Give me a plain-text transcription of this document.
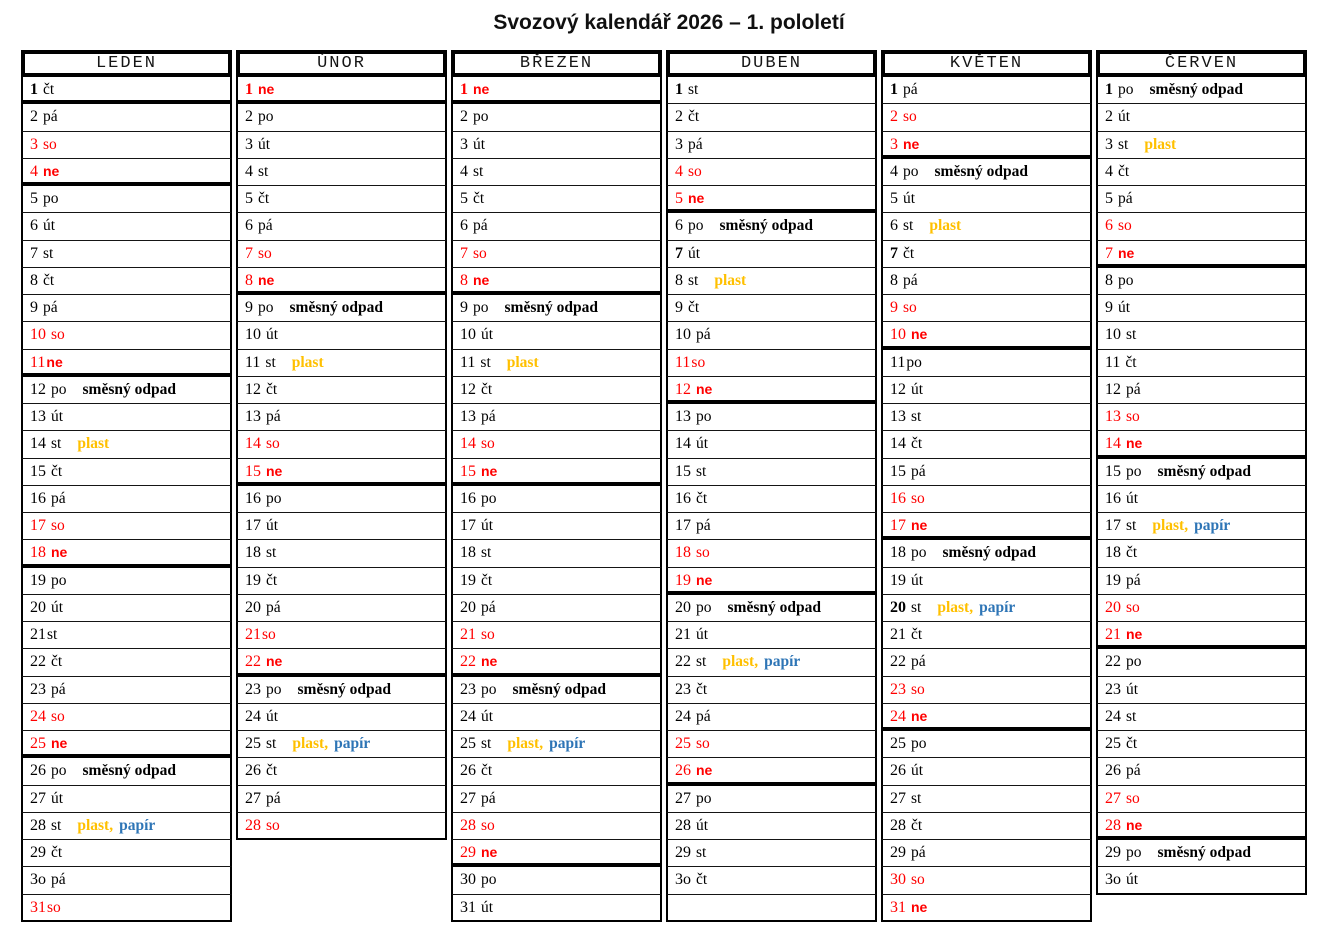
Svozový kalendář 2026 – 1. pololetí
LEDEN
1 čt
2 pá
3 so
4 ne
5 po
6 út
7 st
8 čt
9 pá
10 so
11ne
12 po směsný odpad
13 út
14 st plast
15 čt
16 pá
17 so
18 ne
19 po
20 út
21st
22 čt
23 pá
24 so
25 ne
26 po směsný odpad
27 út
28 st plast, papír
29 čt
3o pá
31so
ÚNOR
1 ne
2 po
3 út
4 st
5 čt
6 pá
7 so
8 ne
9 po směsný odpad
10 út
11 st plast
12 čt
13 pá
14 so
15 ne
16 po
17 út
18 st
19 čt
20 pá
21so
22 ne
23 po směsný odpad
24 út
25 st plast, papír
26 čt
27 pá
28 so
BŘEZEN
1 ne
2 po
3 út
4 st
5 čt
6 pá
7 so
8 ne
9 po směsný odpad
10 út
11 st plast
12 čt
13 pá
14 so
15 ne
16 po
17 út
18 st
19 čt
20 pá
21 so
22 ne
23 po směsný odpad
24 út
25 st plast, papír
26 čt
27 pá
28 so
29 ne
30 po
31 út
DUBEN
1 st
2 čt
3 pá
4 so
5 ne
6 po směsný odpad
7 út
8 st plast
9 čt
10 pá
11so
12 ne
13 po
14 út
15 st
16 čt
17 pá
18 so
19 ne
20 po směsný odpad
21 út
22 st plast, papír
23 čt
24 pá
25 so
26 ne
27 po
28 út
29 st
3o čt
KVĚTEN
1 pá
2 so
3 ne
4 po směsný odpad
5 út
6 st plast
7 čt
8 pá
9 so
10 ne
11po
12 út
13 st
14 čt
15 pá
16 so
17 ne
18 po směsný odpad
19 út
20 st plast, papír
21 čt
22 pá
23 so
24 ne
25 po
26 út
27 st
28 čt
29 pá
30 so
31 ne
ČERVEN
1 po směsný odpad
2 út
3 st plast
4 čt
5 pá
6 so
7 ne
8 po
9 út
10 st
11 čt
12 pá
13 so
14 ne
15 po směsný odpad
16 út
17 st plast, papír
18 čt
19 pá
20 so
21 ne
22 po
23 út
24 st
25 čt
26 pá
27 so
28 ne
29 po směsný odpad
3o út
